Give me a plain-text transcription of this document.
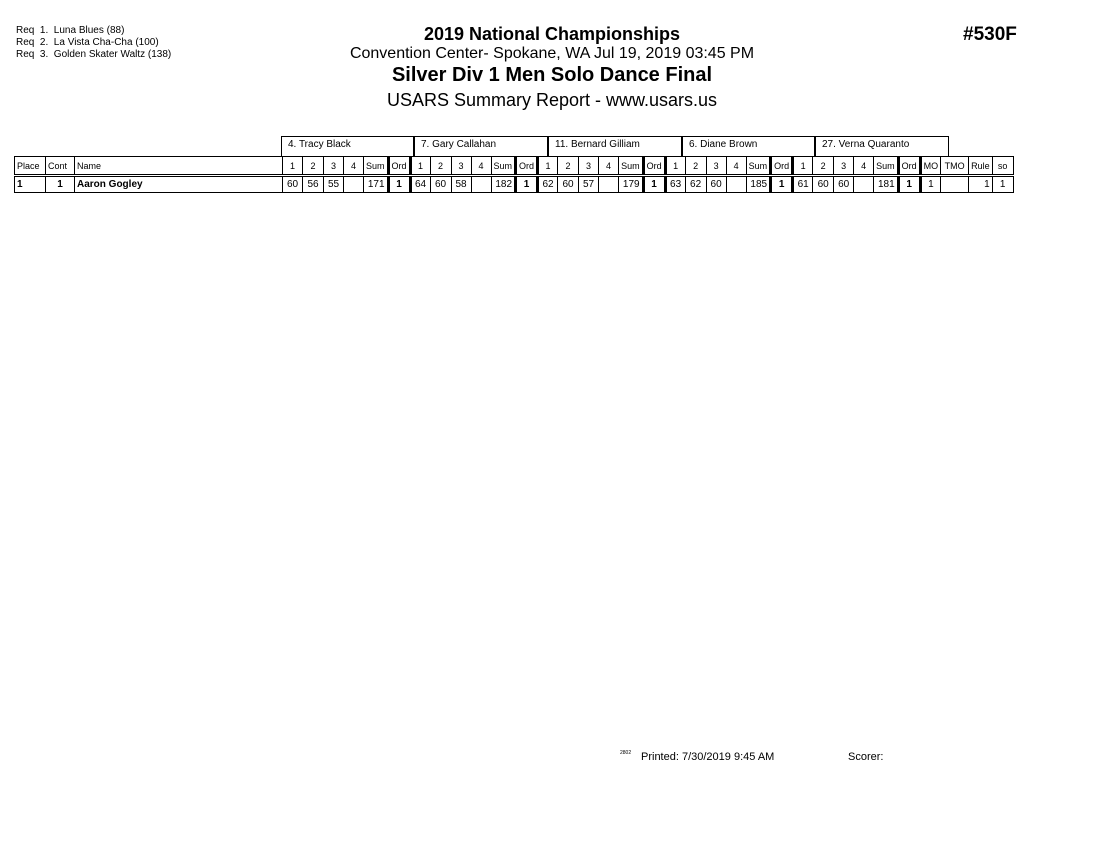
Req  1.  Luna Blues (88)
Req  2.  La Vista Cha-Cha (100)
Req  3.  Golden Skater Waltz (138)
2019 National Championships
Convention Center- Spokane, WA Jul 19, 2019 03:45 PM
Silver Div 1 Men Solo Dance Final
USARS Summary Report - www.usars.us
#530F
4. Tracy Black	7. Gary Callahan	11. Bernard Gilliam	6. Diane Brown	27. Verna Quaranto
Place	Cont	Name	1	2	3	4	Sum	Ord	1	2	3	4	Sum	Ord	1	2	3	4	Sum	Ord	1	2	3	4	Sum	Ord	1	2	3	4	Sum	Ord	MO	TMO	Rule	so
1	1	Aaron Gogley	60	56	55		171	1	64	60	58		182	1	62	60	57		179	1	63	62	60		185	1	61	60	60		181	1	1		1	1
2802 Printed: 7/30/2019 9:45 AM	Scorer:
